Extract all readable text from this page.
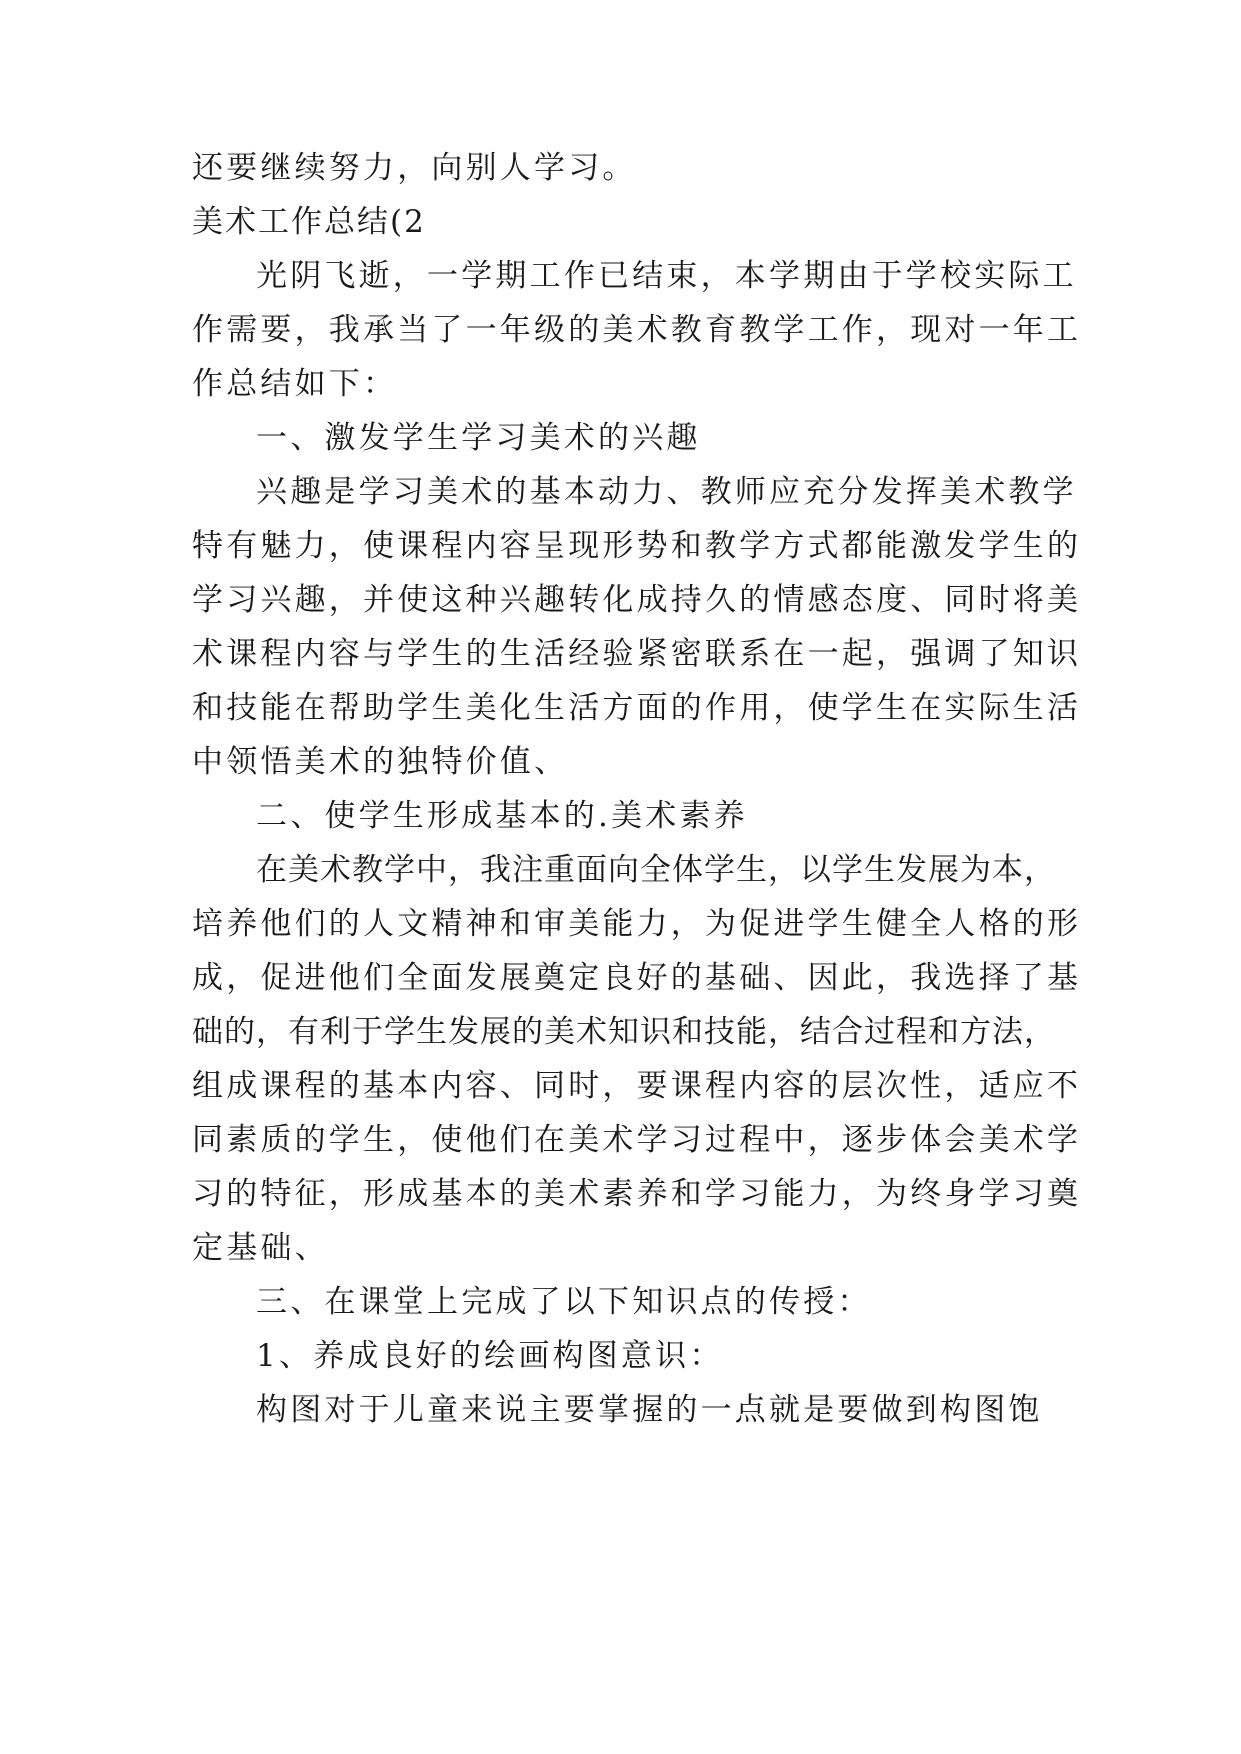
还要继续努力，向别人学习。
美术工作总结(2
光阴飞逝，一学期工作已结束，本学期由于学校实际工
作需要，我承当了一年级的美术教育教学工作，现对一年工
作总结如下：
一、激发学生学习美术的兴趣
兴趣是学习美术的基本动力、教师应充分发挥美术教学
特有魅力，使课程内容呈现形势和教学方式都能激发学生的
学习兴趣，并使这种兴趣转化成持久的情感态度、同时将美
术课程内容与学生的生活经验紧密联系在一起，强调了知识
和技能在帮助学生美化生活方面的作用，使学生在实际生活
中领悟美术的独特价值、
二、使学生形成基本的.美术素养
在美术教学中，我注重面向全体学生，以学生发展为本，
培养他们的人文精神和审美能力，为促进学生健全人格的形
成，促进他们全面发展奠定良好的基础、因此，我选择了基
础的，有利于学生发展的美术知识和技能，结合过程和方法，
组成课程的基本内容、同时，要课程内容的层次性，适应不
同素质的学生，使他们在美术学习过程中，逐步体会美术学
习的特征，形成基本的美术素养和学习能力，为终身学习奠
定基础、
三、在课堂上完成了以下知识点的传授：
1、养成良好的绘画构图意识：
构图对于儿童来说主要掌握的一点就是要做到构图饱
